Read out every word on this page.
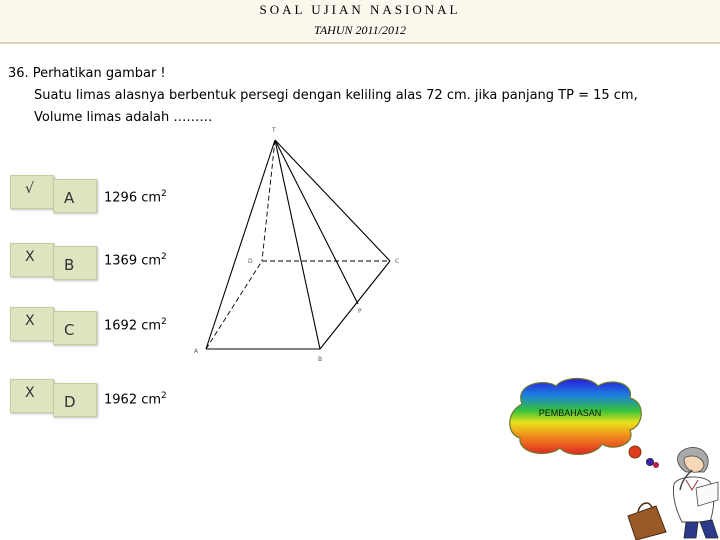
SOAL UJIAN NASIONAL
TAHUN 2011/2012
36. Perhatikan gambar !
Suatu limas alasnya berbentuk persegi dengan keliling alas 72 cm. jika panjang TP = 15 cm,
Volume limas adalah ………
√	A	1296 $cm^2$
X	B	1369 $cm^2$
X	C	1692 $cm^2$
X	D	1962 $cm^2$
T
A
B
C
D
P
PEMBAHASAN
